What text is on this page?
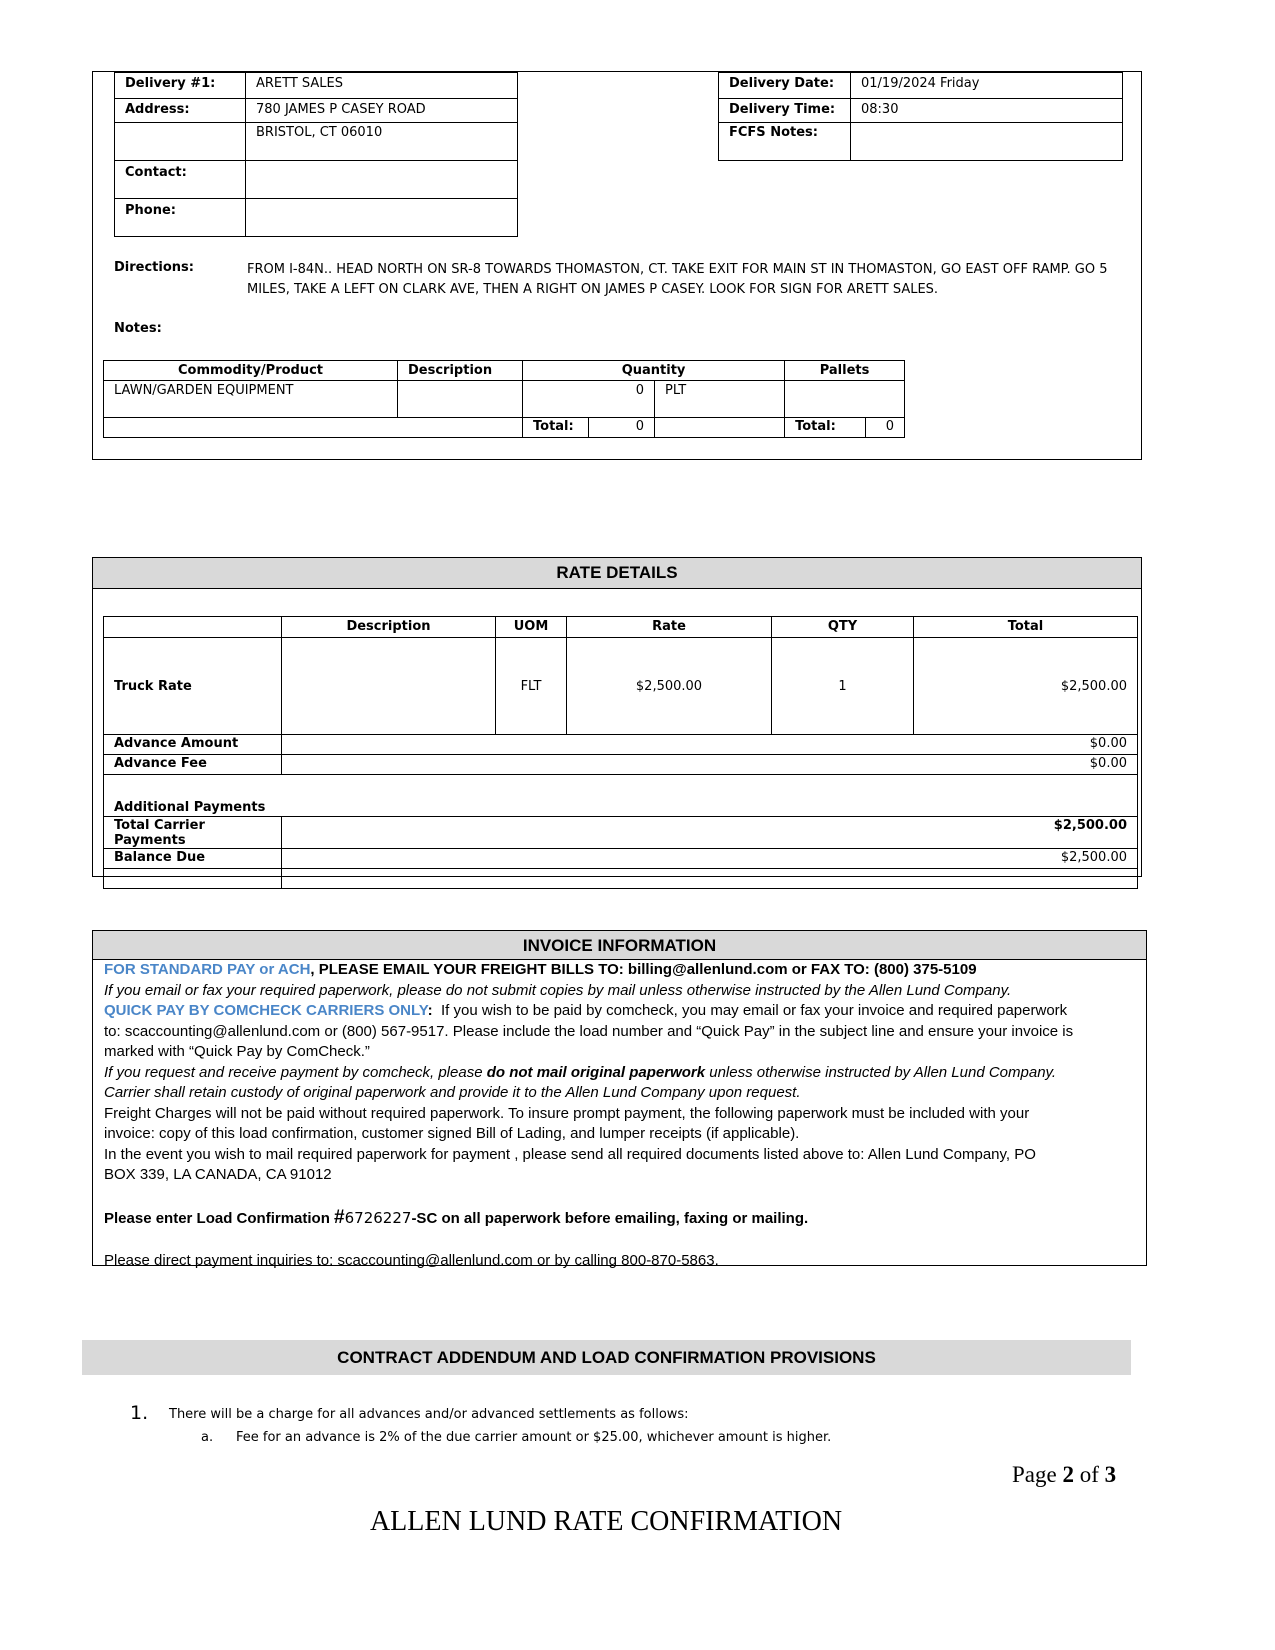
Delivery #1:	ARETT SALES
Address:	780 JAMES P CASEY ROAD
	BRISTOL, CT 06010
Contact:	
Phone:	
Delivery Date:	01/19/2024 Friday
Delivery Time:	08:30
FCFS Notes:	
Directions:	FROM I-84N.. HEAD NORTH ON SR-8 TOWARDS THOMASTON, CT. TAKE EXIT FOR MAIN ST IN THOMASTON, GO EAST OFF RAMP. GO 5
MILES, TAKE A LEFT ON CLARK AVE, THEN A RIGHT ON JAMES P CASEY. LOOK FOR SIGN FOR ARETT SALES.
Notes:
Commodity/Product	Description	Quantity			Pallets	
LAWN/GARDEN EQUIPMENT		0		PLT		
		Total:	0		Total:	0
RATE DETAILS
	Description	UOM	Rate	QTY	Total
Truck Rate		FLT	$2,500.00	1	$2,500.00
Advance Amount	$0.00				
Advance Fee	$0.00				
Additional Payments					
Total Carrier Payments	$2,500.00				
Balance Due	$2,500.00				

INVOICE INFORMATION
FOR STANDARD PAY or ACH, PLEASE EMAIL YOUR FREIGHT BILLS TO: billing@allenlund.com or FAX TO: (800) 375-5109
If you email or fax your required paperwork, please do not submit copies by mail unless otherwise instructed by the Allen Lund Company.
QUICK PAY BY COMCHECK CARRIERS ONLY: If you wish to be paid by comcheck, you may email or fax your invoice and required paperwork
to: scaccounting@allenlund.com or (800) 567-9517. Please include the load number and “Quick Pay” in the subject line and ensure your invoice is
marked with “Quick Pay by ComCheck.”
If you request and receive payment by comcheck, please do not mail original paperwork unless otherwise instructed by Allen Lund Company.
Carrier shall retain custody of original paperwork and provide it to the Allen Lund Company upon request.
Freight Charges will not be paid without required paperwork. To insure prompt payment, the following paperwork must be included with your
invoice: copy of this load confirmation, customer signed Bill of Lading, and lumper receipts (if applicable).
In the event you wish to mail required paperwork for payment , please send all required documents listed above to: Allen Lund Company, PO
BOX 339, LA CANADA, CA 91012
Please enter Load Confirmation #6726227-SC on all paperwork before emailing, faxing or mailing.
Please direct payment inquiries to: scaccounting@allenlund.com or by calling 800-870-5863.
CONTRACT ADDENDUM AND LOAD CONFIRMATION PROVISIONS
1. There will be a charge for all advances and/or advanced settlements as follows:
a. Fee for an advance is 2% of the due carrier amount or $25.00, whichever amount is higher.
Page 2 of 3
ALLEN LUND RATE CONFIRMATION
